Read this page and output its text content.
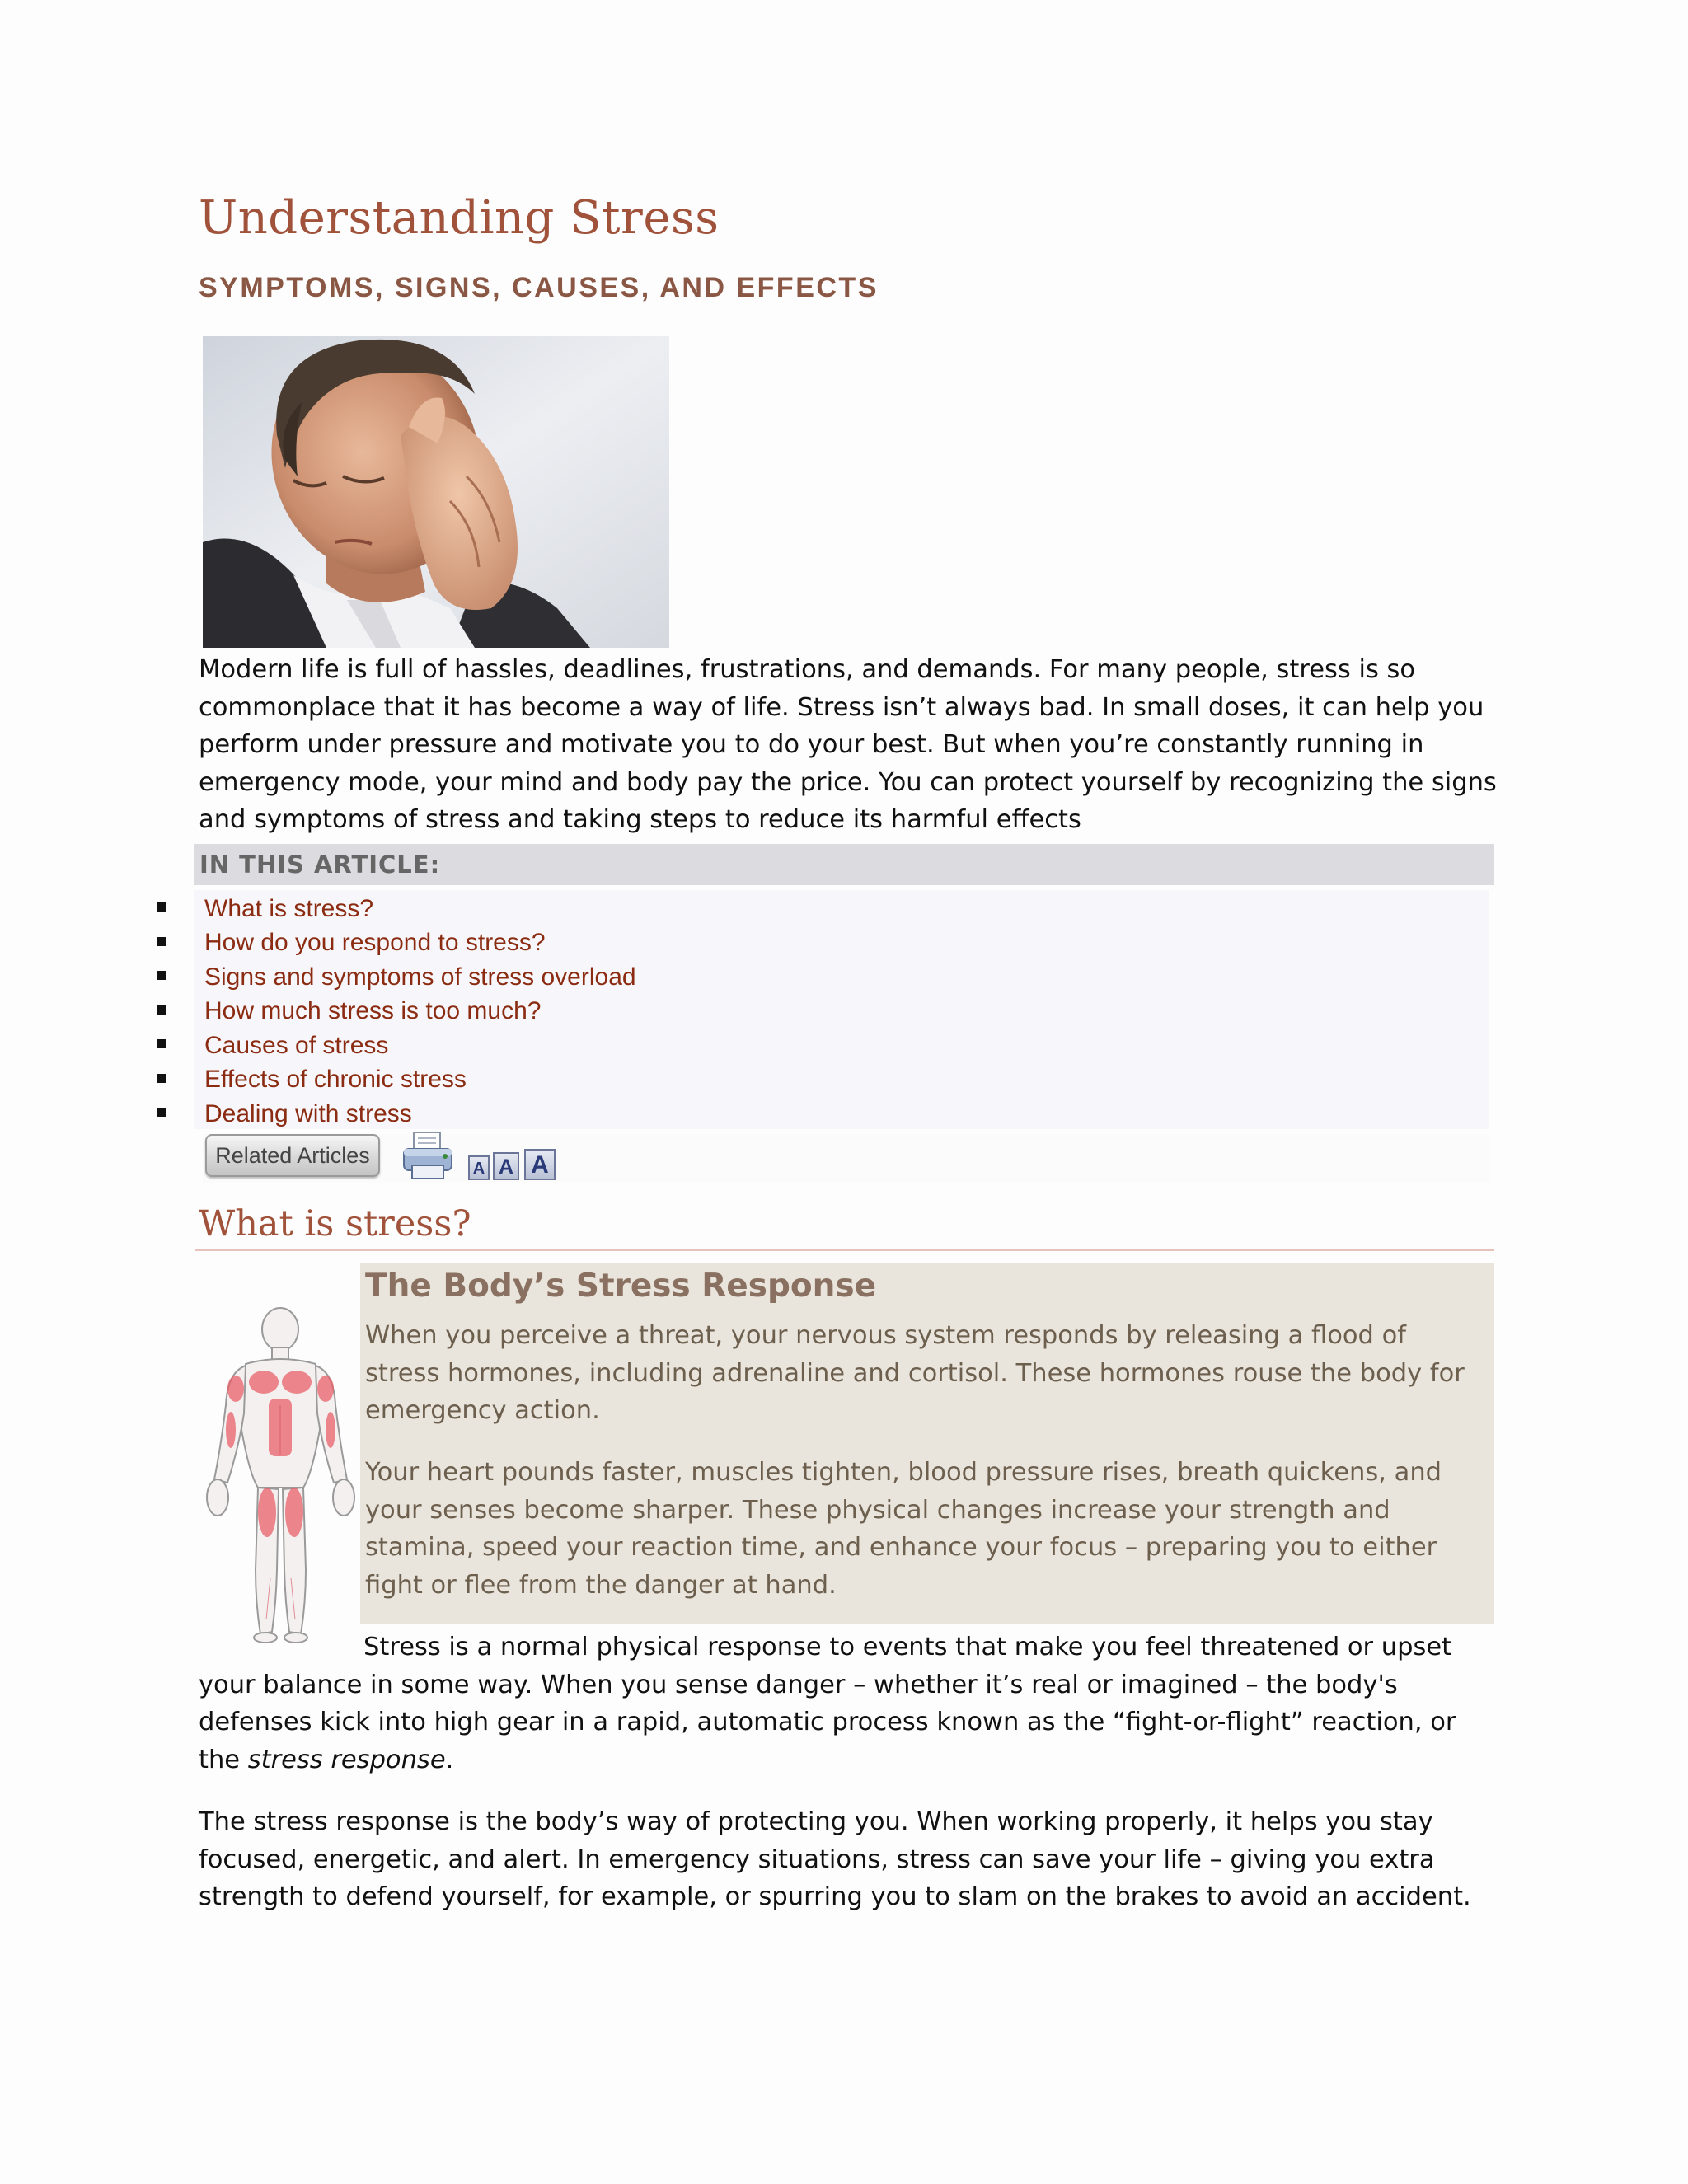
Understanding Stress
SYMPTOMS, SIGNS, CAUSES, AND EFFECTS

Modern life is full of hassles, deadlines, frustrations, and demands. For many people, stress is so commonplace that it has become a way of life. Stress isn’t always bad. In small doses, it can help you perform under pressure and motivate you to do your best. But when you’re constantly running in emergency mode, your mind and body pay the price. You can protect yourself by recognizing the signs and symptoms of stress and taking steps to reduce its harmful effects

IN THIS ARTICLE:
What is stress?
How do you respond to stress?
Signs and symptoms of stress overload
How much stress is too much?
Causes of stress
Effects of chronic stress
Dealing with stress
Related Articles
A A A
What is stress?
The Body’s Stress Response

When you perceive a threat, your nervous system responds by releasing a flood of stress hormones, including adrenaline and cortisol. These hormones rouse the body for emergency action.

Your heart pounds faster, muscles tighten, blood pressure rises, breath quickens, and your senses become sharper. These physical changes increase your strength and stamina, speed your reaction time, and enhance your focus – preparing you to either fight or flee from the danger at hand.

Stress is a normal physical response to events that make you feel threatened or upset your balance in some way. When you sense danger – whether it’s real or imagined – the body's defenses kick into high gear in a rapid, automatic process known as the “fight-or-flight” reaction, or the stress response.

The stress response is the body’s way of protecting you. When working properly, it helps you stay focused, energetic, and alert. In emergency situations, stress can save your life – giving you extra strength to defend yourself, for example, or spurring you to slam on the brakes to avoid an accident.
